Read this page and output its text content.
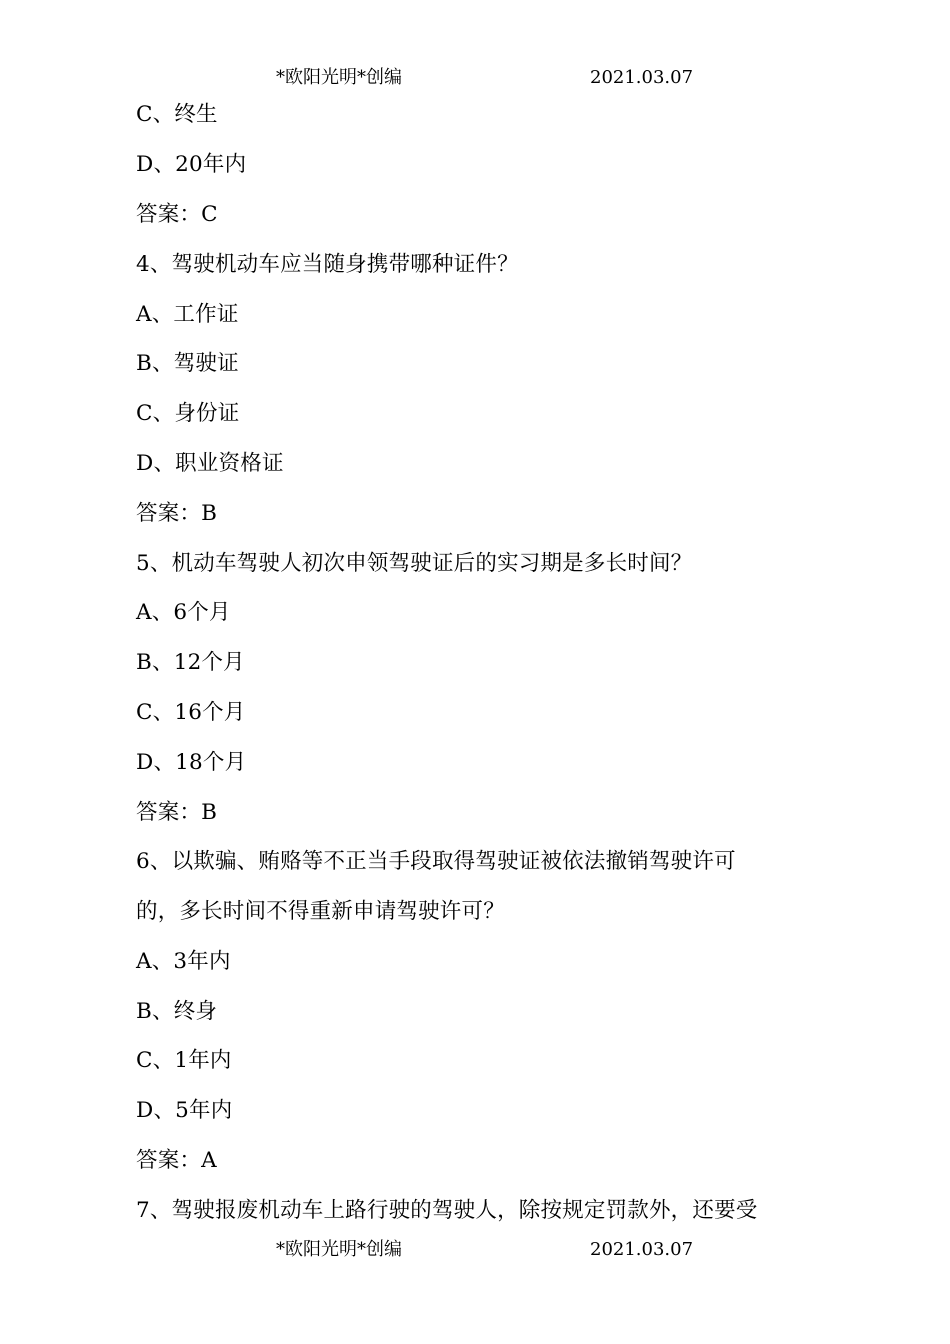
*欧阳光明*创编	2021.03.07
C、终生
D、20年内
答案：C
4、驾驶机动车应当随身携带哪种证件？
A、工作证
B、驾驶证
C、身份证
D、职业资格证
答案：B
5、机动车驾驶人初次申领驾驶证后的实习期是多长时间？
A、6个月
B、12个月
C、16个月
D、18个月
答案：B
6、以欺骗、贿赂等不正当手段取得驾驶证被依法撤销驾驶许可
的，多长时间不得重新申请驾驶许可？
A、3年内
B、终身
C、1年内
D、5年内
答案：A
7、驾驶报废机动车上路行驶的驾驶人，除按规定罚款外，还要受
*欧阳光明*创编	2021.03.07
